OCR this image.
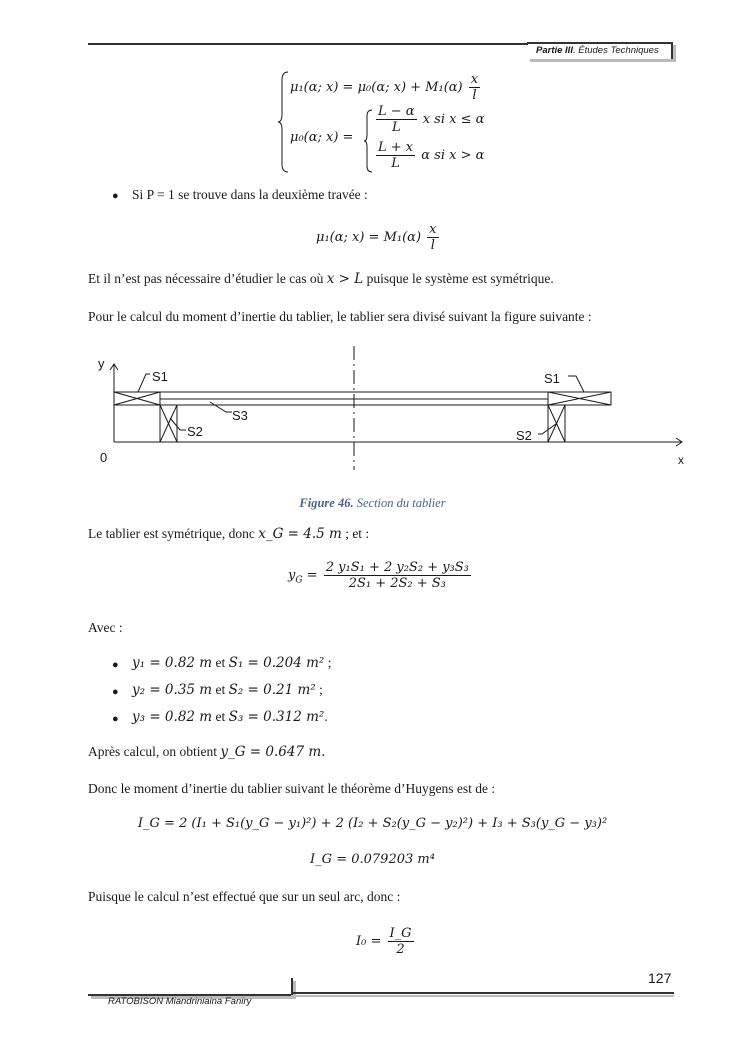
Partie III. Études Techniques
μ₁(α; x) = μ₀(α; $x) + M_1(\alpha) \frac{x}{l}$
μ₀(α; x) =
$\frac{L - \alpha}{L}$ x si x ≤ α
$\frac{L + x}{L}$ α si x > α
● Si P = 1 se trouve dans la deuxième travée :
μ₁(α; $x) = M_1(\alpha) \frac{x}{l}$
Et il n’est pas nécessaire d’étudier le cas où x > L puisque le système est symétrique.
Pour le calcul du moment d’inertie du tablier, le tablier sera divisé suivant la figure suivante :
y
x
0
S1	S1
S3
S2	S2
Figure 46. Section du tablier
Le tablier est symétrique, donc x_G = 4.5 m ; et :
$y_G = \frac{\text{2 y₁S₁ + 2 y₂S₂ + y₃S₃}}{\text{2S₁ + 2S₂ + S₃}}$
Avec :
● y₁ = 0.82 m et S₁ = 0.204 m² ;
● y₂ = 0.35 m et S₂ = 0.21 m² ;
● y₃ = 0.82 m et S₃ = 0.312 m².
Après calcul, on obtient y_G = 0.647 m.
Donc le moment d’inertie du tablier suivant le théorème d’Huygens est de :
I_G = 2 (I₁ + S₁(y_G − y₁)²) + 2 (I₂ + S₂(y_G − y₂)²) + I₃ + S₃(y_G − y₃)²
I_G = 0.079203 m⁴
Puisque le calcul n’est effectué que sur un seul arc, donc :
$I_0 = \frac{I\_G}{2}$
127
RATOBISON Miandriniaina Faniry
